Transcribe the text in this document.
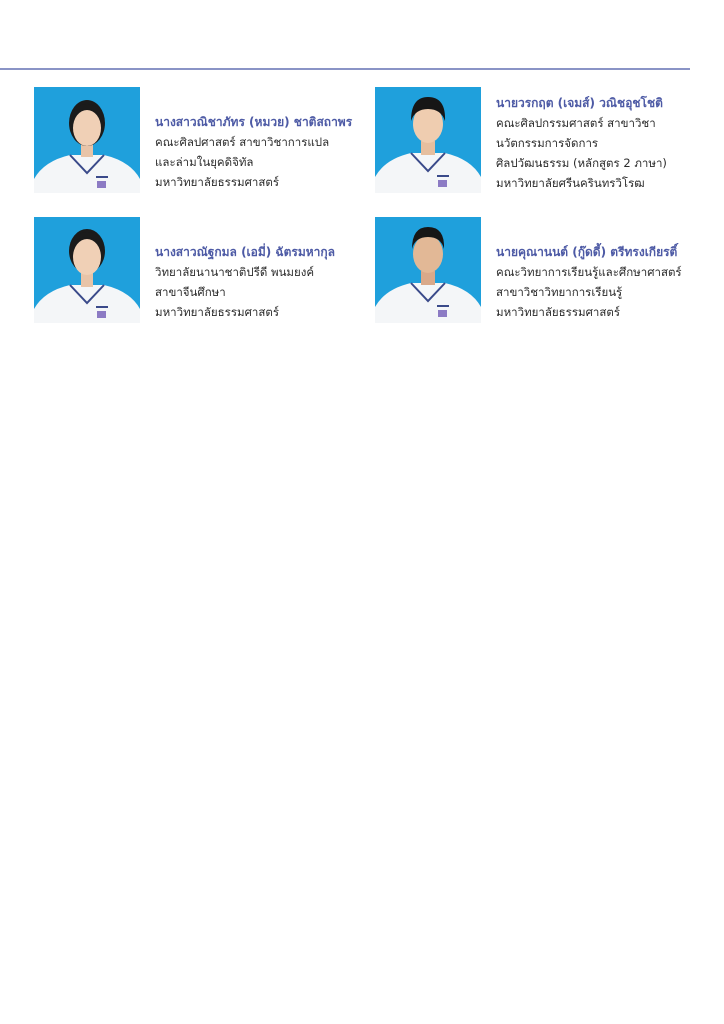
นางสาวณิชาภัทร (หมวย) ชาติสถาพร
คณะศิลปศาสตร์ สาขาวิชาการแปล
และล่ามในยุคดิจิทัล
มหาวิทยาลัยธรรมศาสตร์
นายวรกฤต (เจมส์) วณิชอุชโชติ
คณะศิลปกรรมศาสตร์ สาขาวิชา
นวัตกรรมการจัดการ
ศิลปวัฒนธรรม (หลักสูตร 2 ภาษา)
มหาวิทยาลัยศรีนครินทรวิโรฒ
นางสาวณัฐกมล (เอมี่) ฉัตรมหากุล
วิทยาลัยนานาชาติปรีดี พนมยงค์
สาขาจีนศึกษา
มหาวิทยาลัยธรรมศาสตร์
นายคุณานนต์ (กู๊ดดี้) ตรีทรงเกียรติ์
คณะวิทยาการเรียนรู้และศึกษาศาสตร์
สาขาวิชาวิทยาการเรียนรู้
มหาวิทยาลัยธรรมศาสตร์
